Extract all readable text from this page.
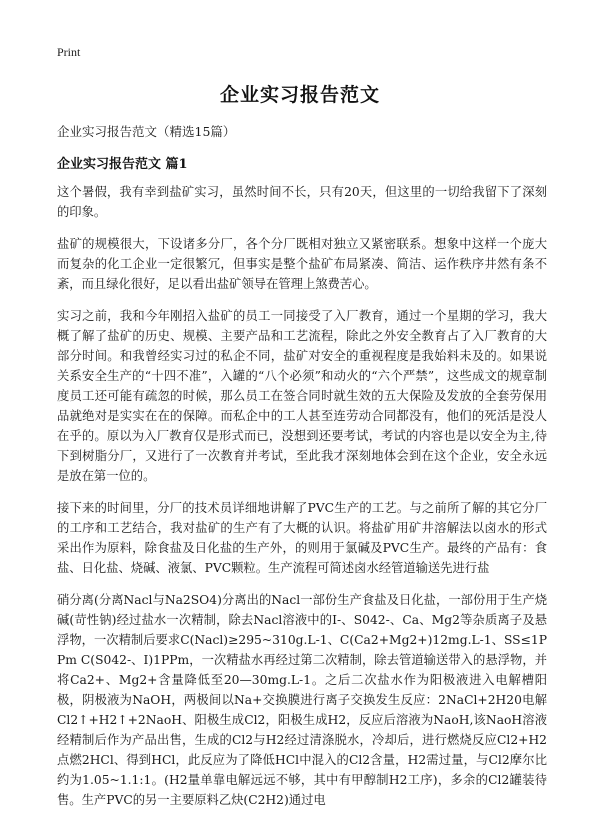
Print
企业实习报告范文
企业实习报告范文（精选15篇）
企业实习报告范文 篇1

这个暑假，我有幸到盐矿实习，虽然时间不长，只有20天，但这里的一切给我留下了深刻的印象。

盐矿的规模很大，下设诸多分厂，各个分厂既相对独立又紧密联系。想象中这样一个庞大而复杂的化工企业一定很繁冗，但事实是整个盐矿布局紧凑、简洁、运作秩序井然有条不紊，而且绿化很好，足以看出盐矿领导在管理上煞费苦心。

实习之前，我和今年刚招入盐矿的员工一同接受了入厂教育，通过一个星期的学习，我大概了解了盐矿的历史、规模、主要产品和工艺流程，除此之外安全教育占了入厂教育的大部分时间。和我曾经实习过的私企不同，盐矿对安全的重视程度是我始料未及的。如果说关系安全生产的“十四不准”，入罐的“八个必须”和动火的“六个严禁”，这些成文的规章制度员工还可能有疏忽的时候，那么员工在签合同时就生效的五大保险及发放的全套劳保用品就绝对是实实在在的保障。而私企中的工人甚至连劳动合同都没有，他们的死活是没人在乎的。原以为入厂教育仅是形式而已，没想到还要考试，考试的内容也是以安全为主,待下到树脂分厂，又进行了一次教育并考试，至此我才深刻地体会到在这个企业，安全永远是放在第一位的。

接下来的时间里，分厂的技术员详细地讲解了PVC生产的工艺。与之前所了解的其它分厂的工序和工艺结合，我对盐矿的生产有了大概的认识。将盐矿用矿井溶解法以卤水的形式采出作为原料，除食盐及日化盐的生产外，的则用于氯碱及PVC生产。最终的产品有：食盐、日化盐、烧碱、液氯、PVC颗粒。生产流程可简述卤水经管道输送先进行盐

硝分离(分离Nacl与Na2SO4)分离出的Nacl一部份生产食盐及日化盐，一部份用于生产烧碱(苛性钠)经过盐水一次精制，除去Nacl溶液中的I-、S042-、Ca、Mg2等杂质离子及悬浮物，一次精制后要求C(Nacl)≥295~310g.L-1、C(Ca2+Mg2+)12mg.L-1、SS≤1PPm C(S042-、I)1PPm，一次精盐水再经过第二次精制，除去管道输送带入的悬浮物，并将Ca2+、Mg2+含量降低至20—30mg.L-1。之后二次盐水作为阳极液进入电解槽阳极，阴极液为NaOH，两极间以Na+交换膜进行离子交换发生反应：2NaCl+2H20电解 Cl2↑+H2↑+2NaoH、阳极生成Cl2，阳极生成H2，反应后溶液为NaoH,该NaoH溶液经精制后作为产品出售，生成的Cl2与H2经过清涤脱水，冷却后，进行燃烧反应Cl2+H2点燃2HCl、得到HCl，此反应为了降低HCl中混入的Cl2含量，H2需过量，与Cl2摩尔比约为1.05~1.1:1。(H2量单靠电解远远不够，其中有甲醇制H2工序)，多余的Cl2罐装待售。生产PVC的另一主要原料乙炔(C2H2)通过电
